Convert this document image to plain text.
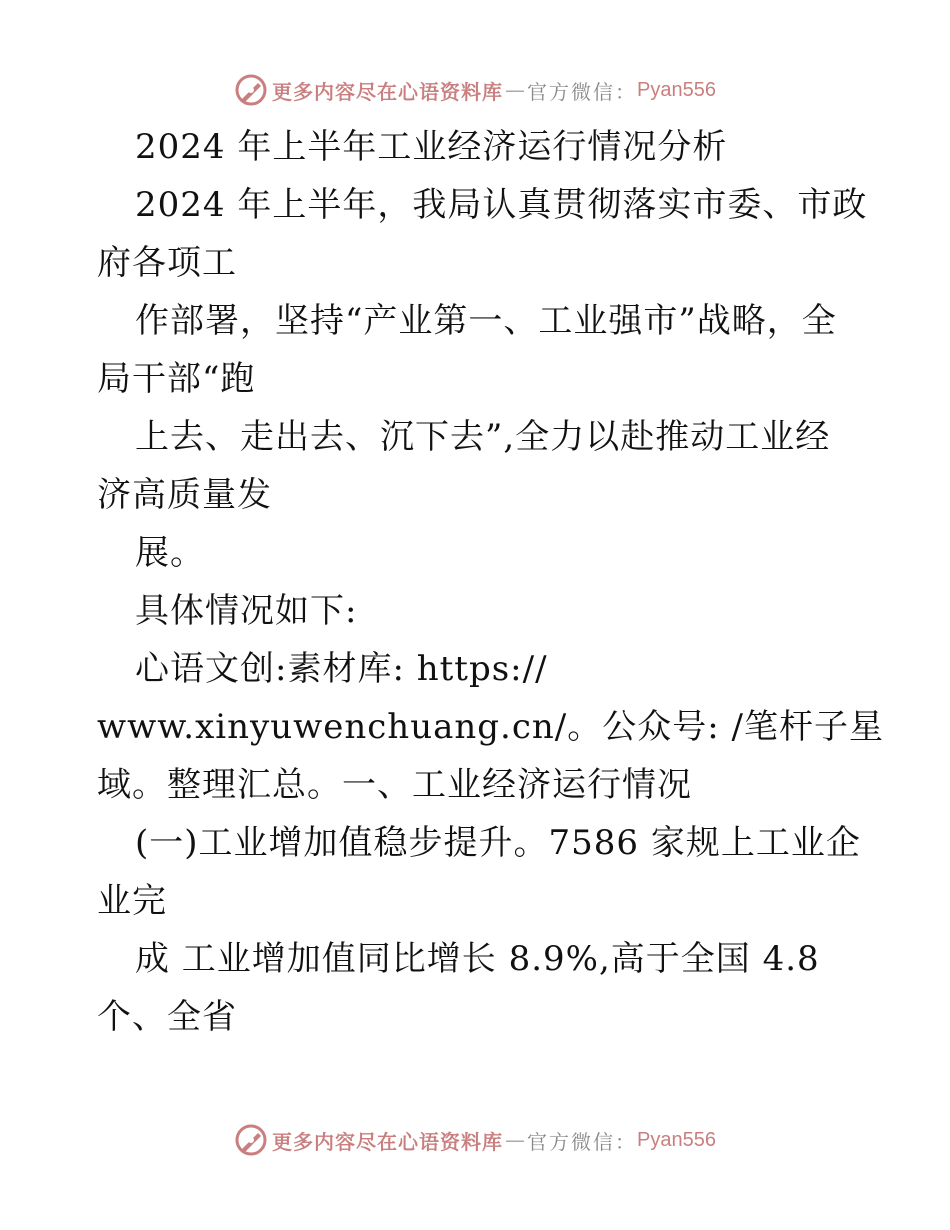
更多内容尽在心语资料库 — 官方微信： Pyan556
2024 年上半年工业经济运行情况分析
2024 年上半年，我局认真贯彻落实市委、市政
府各项工
作部署，坚持“产业第一、工业强市”战略，全
局干部“跑
上去、走出去、沉下去”,全力以赴推动工业经
济高质量发
展。
具体情况如下:
心语文创:素材库: https://
www.xinyuwenchuang.cn/。公众号: /笔杆子星
域。整理汇总。一、工业经济运行情况
(一)工业增加值稳步提升。7586 家规上工业企
业完
成 工业增加值同比增长 8.9%,高于全国 4.8
个、全省
更多内容尽在心语资料库 — 官方微信： Pyan556
